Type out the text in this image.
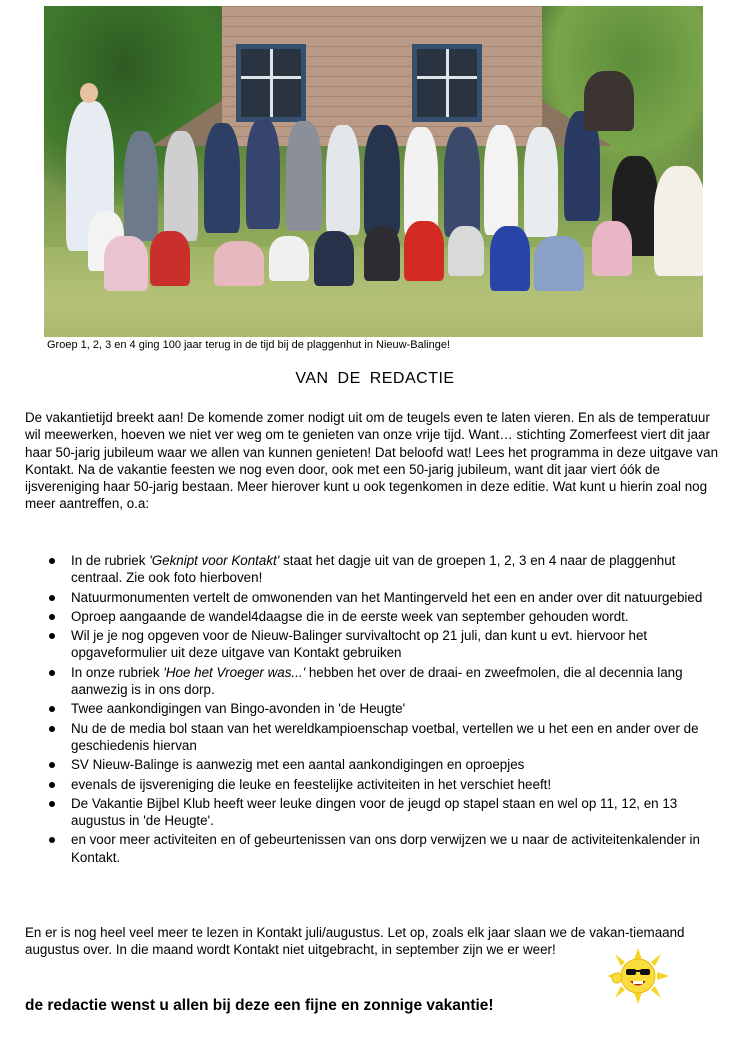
Groep 1, 2, 3 en 4 ging 100 jaar terug in de tijd bij de plaggenhut in Nieuw-Balinge!
VAN DE REDACTIE
De vakantietijd breekt aan! De komende zomer nodigt uit om de teugels even te laten vieren. En als de temperatuur wil meewerken, hoeven we niet ver weg om te genieten van onze vrije tijd. Want… stichting Zomerfeest viert dit jaar haar 50-jarig jubileum waar we allen van kunnen genieten! Dat beloofd wat! Lees het programma in deze uitgave van Kontakt. Na de vakantie feesten we nog even door, ook met een 50-jarig jubileum, want dit jaar viert óók de ijsvereniging haar 50-jarig bestaan. Meer hierover kunt u ook tegenkomen in deze editie. Wat kunt u hierin zoal nog meer aantreffen, o.a:
In de rubriek 'Geknipt voor Kontakt' staat het dagje uit van de groepen 1, 2, 3 en 4 naar de plaggenhut centraal. Zie ook foto hierboven!
Natuurmonumenten vertelt de omwonenden van het Mantingerveld het een en ander over dit natuurgebied
Oproep aangaande de wandel4daagse die in de eerste week van september gehouden wordt.
Wil je je nog opgeven voor de Nieuw-Balinger survivaltocht op 21 juli, dan kunt u evt. hiervoor het opgaveformulier uit deze uitgave van Kontakt gebruiken
In onze rubriek 'Hoe het Vroeger was...' hebben het over de draai- en zweefmolen, die al decennia lang aanwezig is in ons dorp.
Twee aankondigingen van Bingo-avonden in 'de Heugte'
Nu de de media bol staan van het wereldkampioenschap voetbal, vertellen we u het een en ander over de geschiedenis hiervan
SV Nieuw-Balinge is aanwezig met een aantal aankondigingen en oproepjes
evenals de ijsvereniging die leuke en feestelijke activiteiten in het verschiet heeft!
De Vakantie Bijbel Klub heeft weer leuke dingen voor de jeugd op stapel staan en wel op 11, 12, en 13 augustus in 'de Heugte'.
en voor meer activiteiten en of gebeurtenissen van ons dorp verwijzen we u naar de activiteitenkalender in Kontakt.
En er is nog heel veel meer te lezen in Kontakt juli/augustus. Let op, zoals elk jaar slaan we de vakan-tiemaand augustus over. In die maand wordt Kontakt niet uitgebracht, in september zijn we er weer!
de redactie wenst u allen bij deze een fijne en zonnige vakantie!
